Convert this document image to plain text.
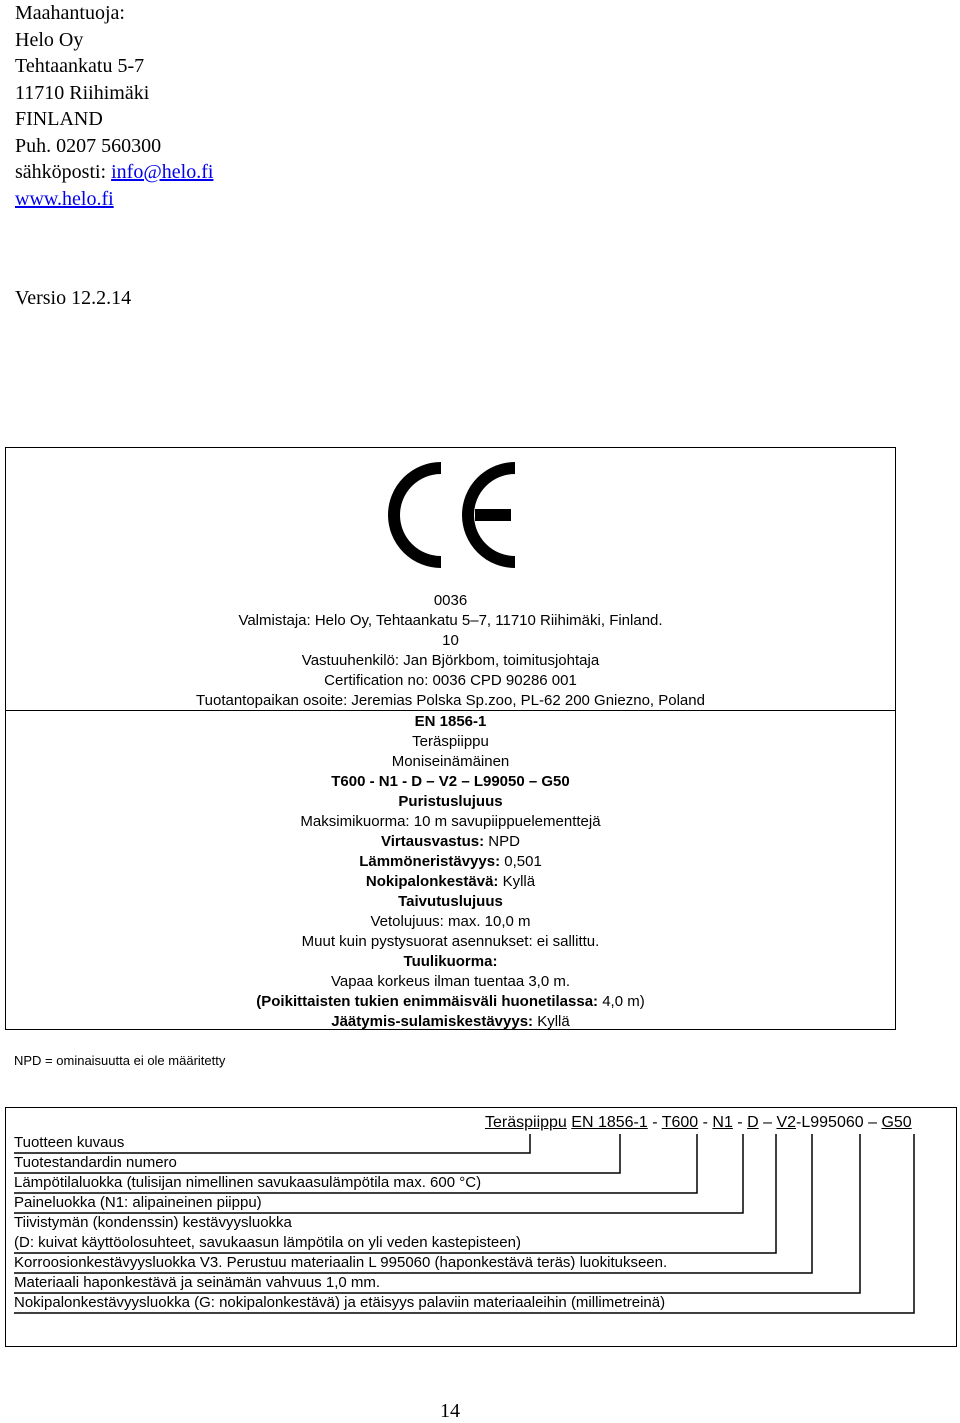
Maahantuoja:
Helo Oy
Tehtaankatu 5-7
11710 Riihimäki
FINLAND
Puh. 0207 560300
sähköposti: info@helo.fi
www.helo.fi
Versio 12.2.14
0036
Valmistaja: Helo Oy, Tehtaankatu 5–7, 11710 Riihimäki, Finland.
10
Vastuuhenkilö: Jan Björkbom, toimitusjohtaja
Certification no: 0036 CPD 90286 001
Tuotantopaikan osoite: Jeremias Polska Sp.zoo, PL-62 200 Gniezno, Poland
EN 1856-1
Teräspiippu
Moniseinämäinen
T600 - N1 - D – V2 – L99050 – G50
Puristuslujuus
Maksimikuorma: 10 m savupiippuelementtejä
Virtausvastus: NPD
Lämmöneristävyys: 0,501
Nokipalonkestävä: Kyllä
Taivutuslujuus
Vetolujuus: max. 10,0 m
Muut kuin pystysuorat asennukset: ei sallittu.
Tuulikuorma:
Vapaa korkeus ilman tuentaa 3,0 m.
(Poikittaisten tukien enimmäisväli huonetilassa: 4,0 m)
Jäätymis-sulamiskestävyys: Kyllä
NPD = ominaisuutta ei ole määritetty
Teräspiippu EN 1856-1 - T600 - N1 - D – V2-L995060 – G50
Tuotteen kuvaus
Tuotestandardin numero
Lämpötilaluokka (tulisijan nimellinen savukaasulämpötila max. 600 °C)
Paineluokka (N1: alipaineinen piippu)
Tiivistymän (kondenssin) kestävyysluokka
(D: kuivat käyttöolosuhteet, savukaasun lämpötila on yli veden kastepisteen)
Korroosionkestävyysluokka V3. Perustuu materiaalin L 995060 (haponkestävä teräs) luokitukseen.
Materiaali haponkestävä ja seinämän vahvuus 1,0 mm.
Nokipalonkestävyysluokka (G: nokipalonkestävä) ja etäisyys palaviin materiaaleihin (millimetreinä)
14
